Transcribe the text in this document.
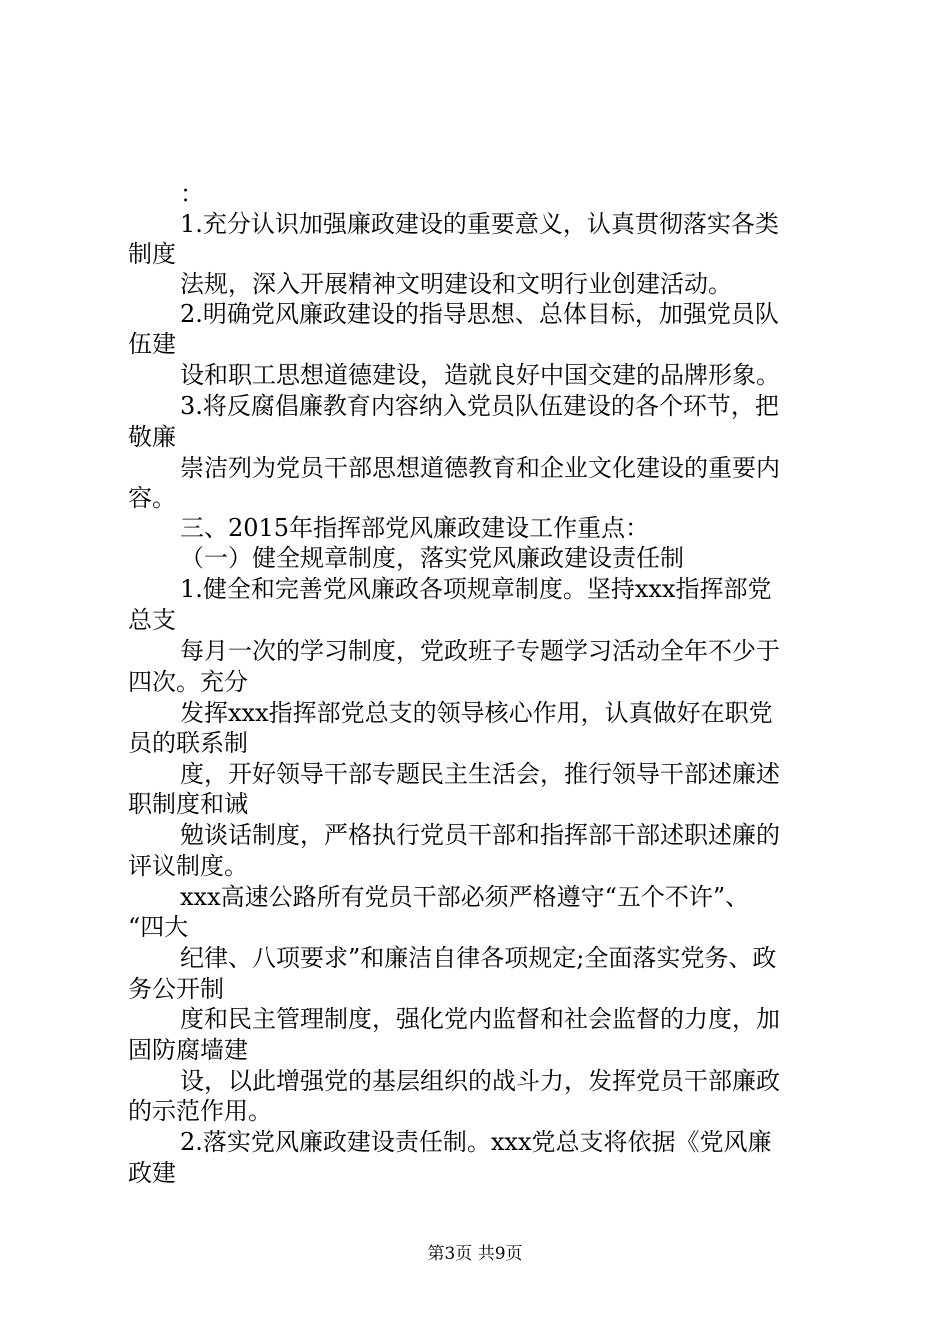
：
1.充分认识加强廉政建设的重要意义，认真贯彻落实各类
制度
法规，深入开展精神文明建设和文明行业创建活动。
2.明确党风廉政建设的指导思想、总体目标，加强党员队
伍建
设和职工思想道德建设，造就良好中国交建的品牌形象。
3.将反腐倡廉教育内容纳入党员队伍建设的各个环节，把
敬廉
崇洁列为党员干部思想道德教育和企业文化建设的重要内
容。
三、2015年指挥部党风廉政建设工作重点：
（一）健全规章制度，落实党风廉政建设责任制
1.健全和完善党风廉政各项规章制度。坚持xxx指挥部党
总支
每月一次的学习制度，党政班子专题学习活动全年不少于
四次。充分
发挥xxx指挥部党总支的领导核心作用，认真做好在职党
员的联系制
度，开好领导干部专题民主生活会，推行领导干部述廉述
职制度和诫
勉谈话制度，严格执行党员干部和指挥部干部述职述廉的
评议制度。
xxx高速公路所有党员干部必须严格遵守“五个不许”、
“四大
纪律、八项要求”和廉洁自律各项规定;全面落实党务、政
务公开制
度和民主管理制度，强化党内监督和社会监督的力度，加
固防腐墙建
设，以此增强党的基层组织的战斗力，发挥党员干部廉政
的示范作用。
2.落实党风廉政建设责任制。xxx党总支将依据《党风廉
政建
第3页 共9页
